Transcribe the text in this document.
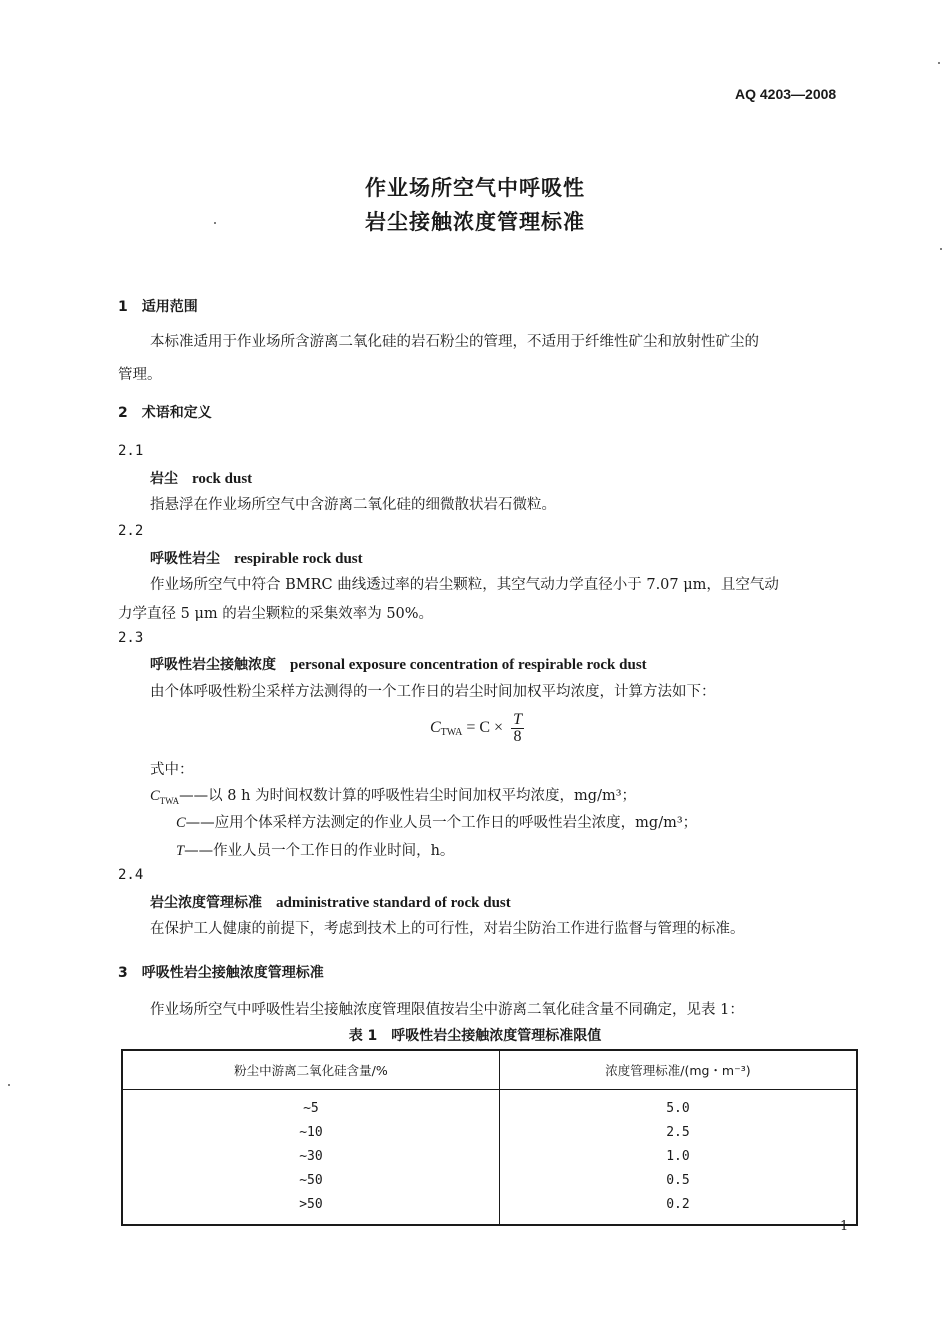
AQ 4203—2008
作业场所空气中呼吸性
岩尘接触浓度管理标准
1　适用范围
本标准适用于作业场所含游离二氧化硅的岩石粉尘的管理，不适用于纤维性矿尘和放射性矿尘的
管理。
2　术语和定义
2.1
岩尘 rock dust
指悬浮在作业场所空气中含游离二氧化硅的细微散状岩石微粒。
2.2
呼吸性岩尘 respirable rock dust
作业场所空气中符合 BMRC 曲线透过率的岩尘颗粒，其空气动力学直径小于 7.07 μm，且空气动
力学直径 5 μm 的岩尘颗粒的采集效率为 50%。
2.3
呼吸性岩尘接触浓度 personal exposure concentration of respirable rock dust
由个体呼吸性粉尘采样方法测得的一个工作日的岩尘时间加权平均浓度，计算方法如下：
CTWA = $C \times \frac{T}{8}$
式中：
$C_{TWA}——$以 8 h 为时间权数计算的呼吸性岩尘时间加权平均浓度，mg/m³；
C——应用个体采样方法测定的作业人员一个工作日的呼吸性岩尘浓度，mg/m³；
T——作业人员一个工作日的作业时间，h。
2.4
岩尘浓度管理标准 administrative standard of rock dust
在保护工人健康的前提下，考虑到技术上的可行性，对岩尘防治工作进行监督与管理的标准。
3　呼吸性岩尘接触浓度管理标准
作业场所空气中呼吸性岩尘接触浓度管理限值按岩尘中游离二氧化硅含量不同确定，见表 1：
表 1　呼吸性岩尘接触浓度管理标准限值
粉尘中游离二氧化硅含量/%	浓度管理标准/(mg・m⁻³)
~5	5.0
~10	2.5
~30	1.0
~50	0.5
>50	0.2
1
